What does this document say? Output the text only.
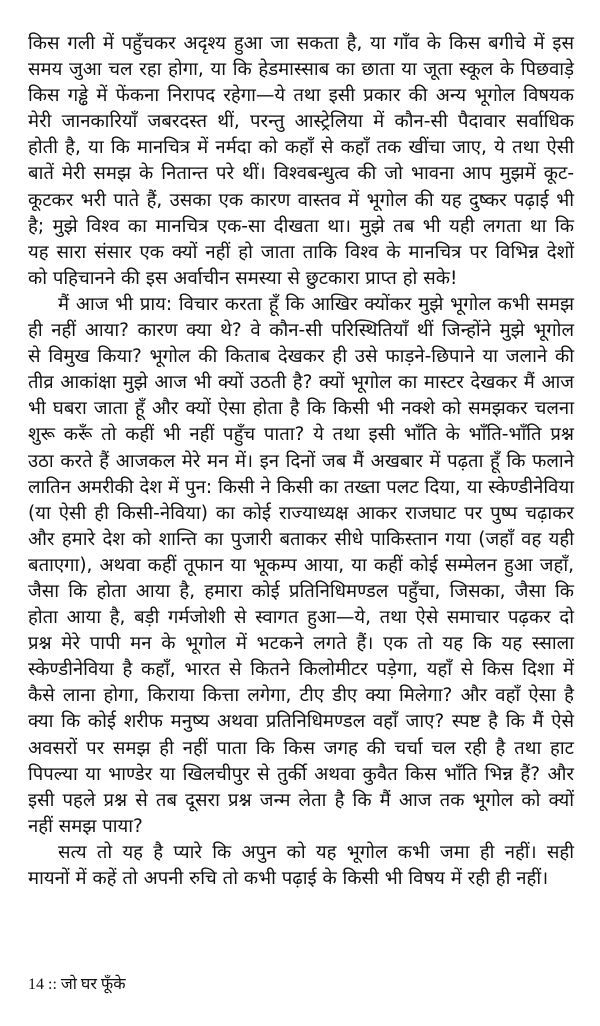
किस गली में पहुँचकर अदृश्य हुआ जा सकता है, या गाँव के किस बगीचे में इस
समय जुआ चल रहा होगा, या कि हेडमास्साब का छाता या जूता स्कूल के पिछवाड़े
किस गड्ढे में फेंकना निरापद रहेगा—ये तथा इसी प्रकार की अन्य भूगोल विषयक
मेरी जानकारियाँ जबरदस्त थीं, परन्तु आस्ट्रेलिया में कौन-सी पैदावार सर्वाधिक
होती है, या कि मानचित्र में नर्मदा को कहाँ से कहाँ तक खींचा जाए, ये तथा ऐसी
बातें मेरी समझ के नितान्त परे थीं। विश्वबन्धुत्व की जो भावना आप मुझमें कूट-
कूटकर भरी पाते हैं, उसका एक कारण वास्तव में भूगोल की यह दुष्कर पढ़ाई भी
है; मुझे विश्व का मानचित्र एक-सा दीखता था। मुझे तब भी यही लगता था कि
यह सारा संसार एक क्यों नहीं हो जाता ताकि विश्व के मानचित्र पर विभिन्न देशों
को पहिचानने की इस अर्वाचीन समस्या से छुटकारा प्राप्त हो सके!
मैं आज भी प्राय: विचार करता हूँ कि आखिर क्योंकर मुझे भूगोल कभी समझ
ही नहीं आया? कारण क्या थे? वे कौन-सी परिस्थितियाँ थीं जिन्होंने मुझे भूगोल
से विमुख किया? भूगोल की किताब देखकर ही उसे फाड़ने-छिपाने या जलाने की
तीव्र आकांक्षा मुझे आज भी क्यों उठती है? क्यों भूगोल का मास्टर देखकर मैं आज
भी घबरा जाता हूँ और क्यों ऐसा होता है कि किसी भी नक्शे को समझकर चलना
शुरू करूँ तो कहीं भी नहीं पहुँच पाता? ये तथा इसी भाँति के भाँति-भाँति प्रश्न
उठा करते हैं आजकल मेरे मन में। इन दिनों जब मैं अखबार में पढ़ता हूँ कि फलाने
लातिन अमरीकी देश में पुन: किसी ने किसी का तख्ता पलट दिया, या स्केण्डीनेविया
(या ऐसी ही किसी-नेविया) का कोई राज्याध्यक्ष आकर राजघाट पर पुष्प चढ़ाकर
और हमारे देश को शान्ति का पुजारी बताकर सीधे पाकिस्तान गया (जहाँ वह यही
बताएगा), अथवा कहीं तूफान या भूकम्प आया, या कहीं कोई सम्मेलन हुआ जहाँ,
जैसा कि होता आया है, हमारा कोई प्रतिनिधिमण्डल पहुँचा, जिसका, जैसा कि
होता आया है, बड़ी गर्मजोशी से स्वागत हुआ—ये, तथा ऐसे समाचार पढ़कर दो
प्रश्न मेरे पापी मन के भूगोल में भटकने लगते हैं। एक तो यह कि यह स्साला
स्केण्डीनेविया है कहाँ, भारत से कितने किलोमीटर पड़ेगा, यहाँ से किस दिशा में
कैसे लाना होगा, किराया कित्ता लगेगा, टीए डीए क्या मिलेगा? और वहाँ ऐसा है
क्या कि कोई शरीफ मनुष्य अथवा प्रतिनिधिमण्डल वहाँ जाए? स्पष्ट है कि मैं ऐसे
अवसरों पर समझ ही नहीं पाता कि किस जगह की चर्चा चल रही है तथा हाट
पिपल्या या भाण्डेर या खिलचीपुर से तुर्की अथवा कुवैत किस भाँति भिन्न हैं? और
इसी पहले प्रश्न से तब दूसरा प्रश्न जन्म लेता है कि मैं आज तक भूगोल को क्यों
नहीं समझ पाया?
सत्य तो यह है प्यारे कि अपुन को यह भूगोल कभी जमा ही नहीं। सही
मायनों में कहें तो अपनी रुचि तो कभी पढ़ाई के किसी भी विषय में रही ही नहीं।
14 :: जो घर फूँके
